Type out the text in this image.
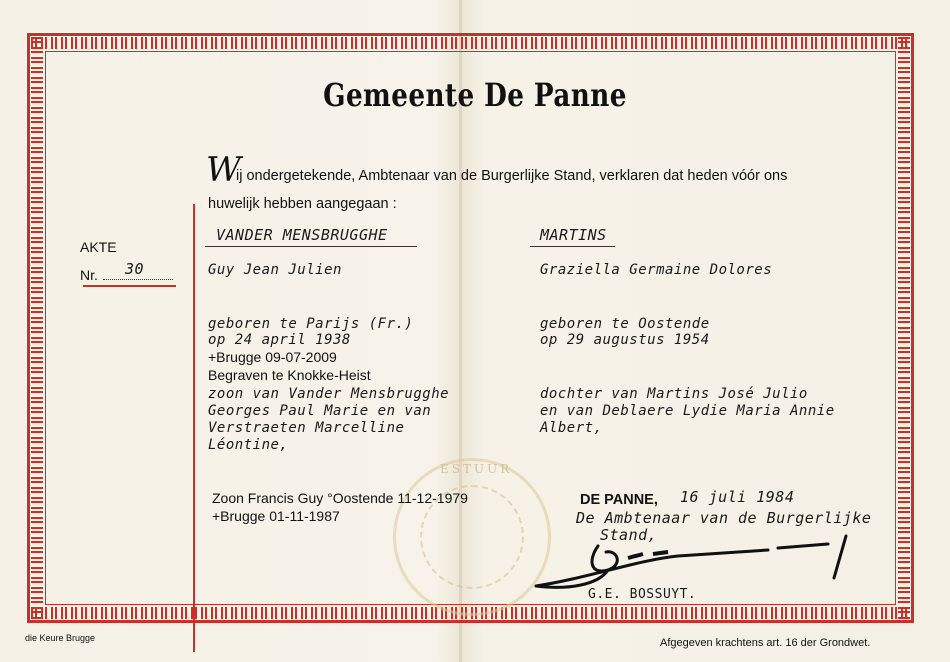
Gemeente De Panne
W
ij ondergetekende, Ambtenaar van de Burgerlijke Stand, verklaren dat heden vóór ons
huwelijk hebben aangegaan :
AKTE
Nr. 30
VANDER MENSBRUGGHE
Guy Jean Julien
geboren te Parijs (Fr.)
op 24 april 1938
+Brugge 09-07-2009
Begraven te Knokke-Heist
zoon van Vander Mensbrugghe
Georges Paul Marie en van
Verstraeten Marcelline
Léontine,
MARTINS
Graziella Germaine Dolores
geboren te Oostende
op 29 augustus 1954
dochter van Martins José Julio
en van Deblaere Lydie Maria Annie
Albert,
ESTUUR
Zoon Francis Guy °Oostende 11-12-1979
+Brugge 01-11-1987
DE PANNE, 16 juli 1984
De Ambtenaar van de Burgerlijke
Stand,
G.E. BOSSUYT.
die Keure Brugge	Afgegeven krachtens art. 16 der Grondwet.
